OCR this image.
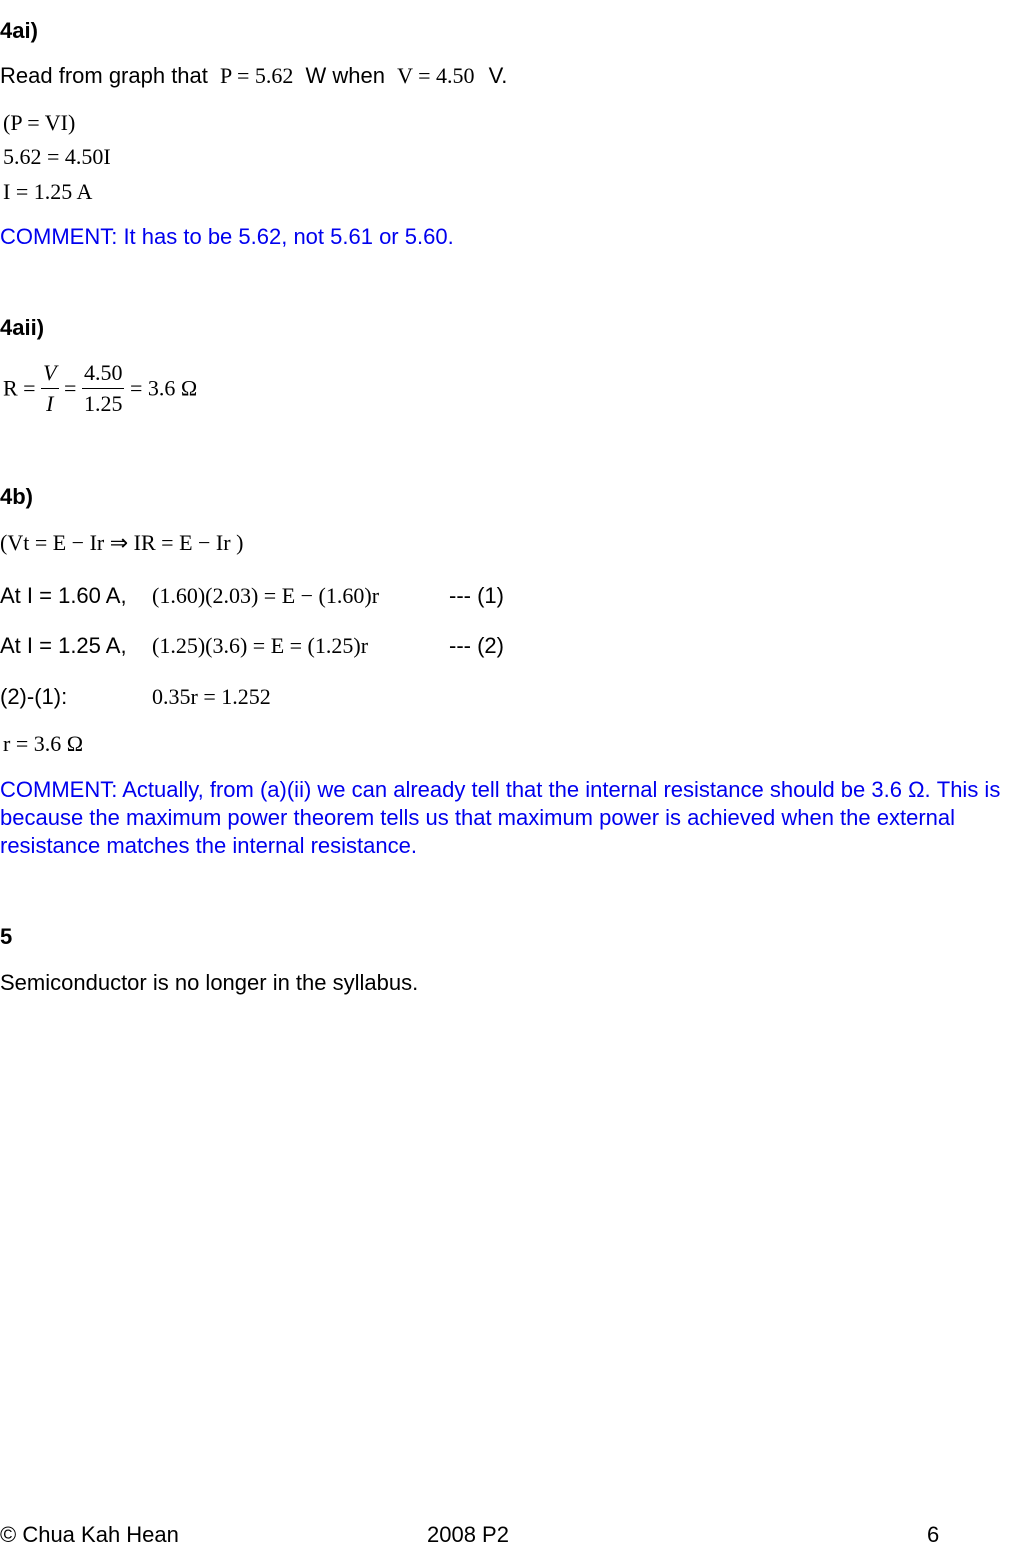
4ai)
Read from graph that P = 5.62 W when V = 4.50 V.
(P = VI)
5.62 = 4.50I
I = 1.25 A
COMMENT: It has to be 5.62, not 5.61 or 5.60.
4aii)
$R = \frac{V}{I} = \frac{4.50}{1.25} = 3.6$ Ω
4b)
(Vt = E − Ir ⇒ IR = E − Ir )
At I = 1.60 A, (1.60)(2.03) = E − (1.60)r	--- (1)
At I = 1.25 A, (1.25)(3.6) = E = (1.25)r	--- (2)
(2)-(1):	0.35r = 1.252
r = 3.6 Ω
COMMENT: Actually, from (a)(ii) we can already tell that the internal resistance should be 3.6 Ω. This is because the maximum power theorem tells us that maximum power is achieved when the external resistance matches the internal resistance.
5
Semiconductor is no longer in the syllabus.
© Chua Kah Hean	2008 P2	6
